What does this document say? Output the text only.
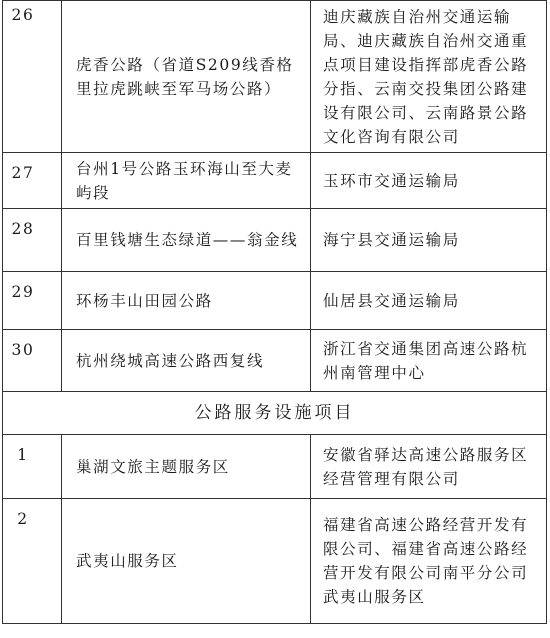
26	虎香公路（省道S209线香格里拉虎跳峡至军马场公路）	迪庆藏族自治州交通运输局、迪庆藏族自治州交通重点项目建设指挥部虎香公路分指、云南交投集团公路建设有限公司、云南路景公路文化咨询有限公司
27	台州1号公路玉环海山至大麦屿段	玉环市交通运输局
28	百里钱塘生态绿道——翁金线	海宁县交通运输局
29	环杨丰山田园公路	仙居县交通运输局
30	杭州绕城高速公路西复线	浙江省交通集团高速公路杭州南管理中心
公路服务设施项目		
1	巢湖文旅主题服务区	安徽省驿达高速公路服务区经营管理有限公司
2	武夷山服务区	福建省高速公路经营开发有限公司、福建省高速公路经营开发有限公司南平分公司武夷山服务区
